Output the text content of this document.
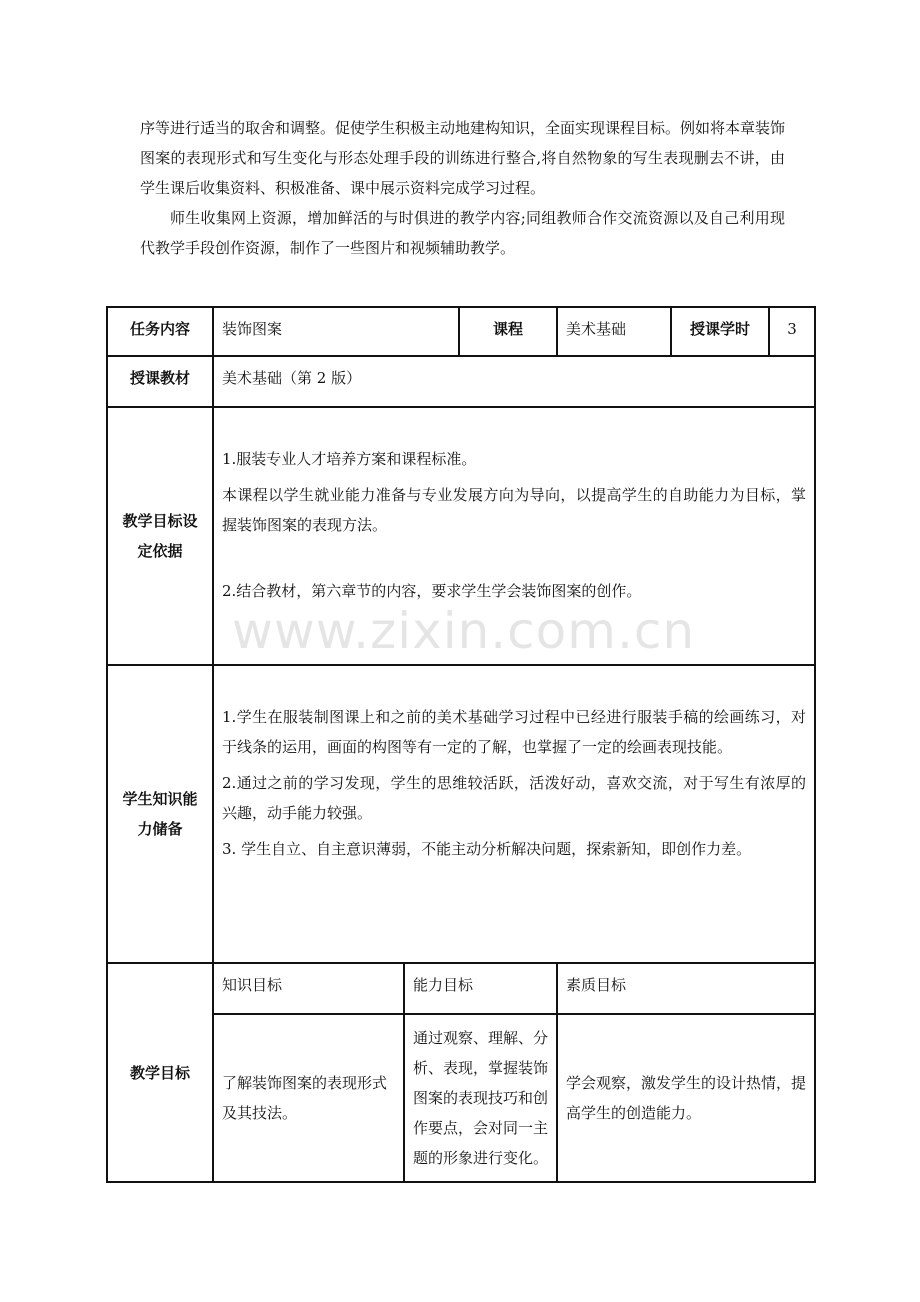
序等进行适当的取舍和调整。促使学生积极主动地建构知识，全面实现课程目标。例如将本章装饰图案的表现形式和写生变化与形态处理手段的训练进行整合,将自然物象的写生表现删去不讲，由学生课后收集资料、积极准备、课中展示资料完成学习过程。

师生收集网上资源，增加鲜活的与时俱进的教学内容;同组教师合作交流资源以及自己利用现代教学手段创作资源，制作了一些图片和视频辅助教学。

任务内容	装饰图案		课程	美术基础	授课学时	3
授课教材	美术基础（第 2 版）					
教学目标设定依据	1.服装专业人才培养方案和课程标准。

本课程以学生就业能力准备与专业发展方向为导向，以提高学生的自助能力为目标，掌握装饰图案的表现方法。

2.结合教材，第六章节的内容，要求学生学会装饰图案的创作。					

学生知识能力储备	1.学生在服装制图课上和之前的美术基础学习过程中已经进行服装手稿的绘画练习，对于线条的运用，画面的构图等有一定的了解，也掌握了一定的绘画表现技能。

2.通过之前的学习发现，学生的思维较活跃，活泼好动，喜欢交流，对于写生有浓厚的兴趣，动手能力较强。

3. 学生自立、自主意识薄弱，不能主动分析解决问题，探索新知，即创作力差。					

教学目标	知识目标	能力目标		素质目标		
	了解装饰图案的表现形式及其技法。	通过观察、理解、分析、表现，掌握装饰图案的表现技巧和创作要点，会对同一主题的形象进行变化。		学会观察，激发学生的设计热情，提高学生的创造能力。		
www.zixin.com.cn
